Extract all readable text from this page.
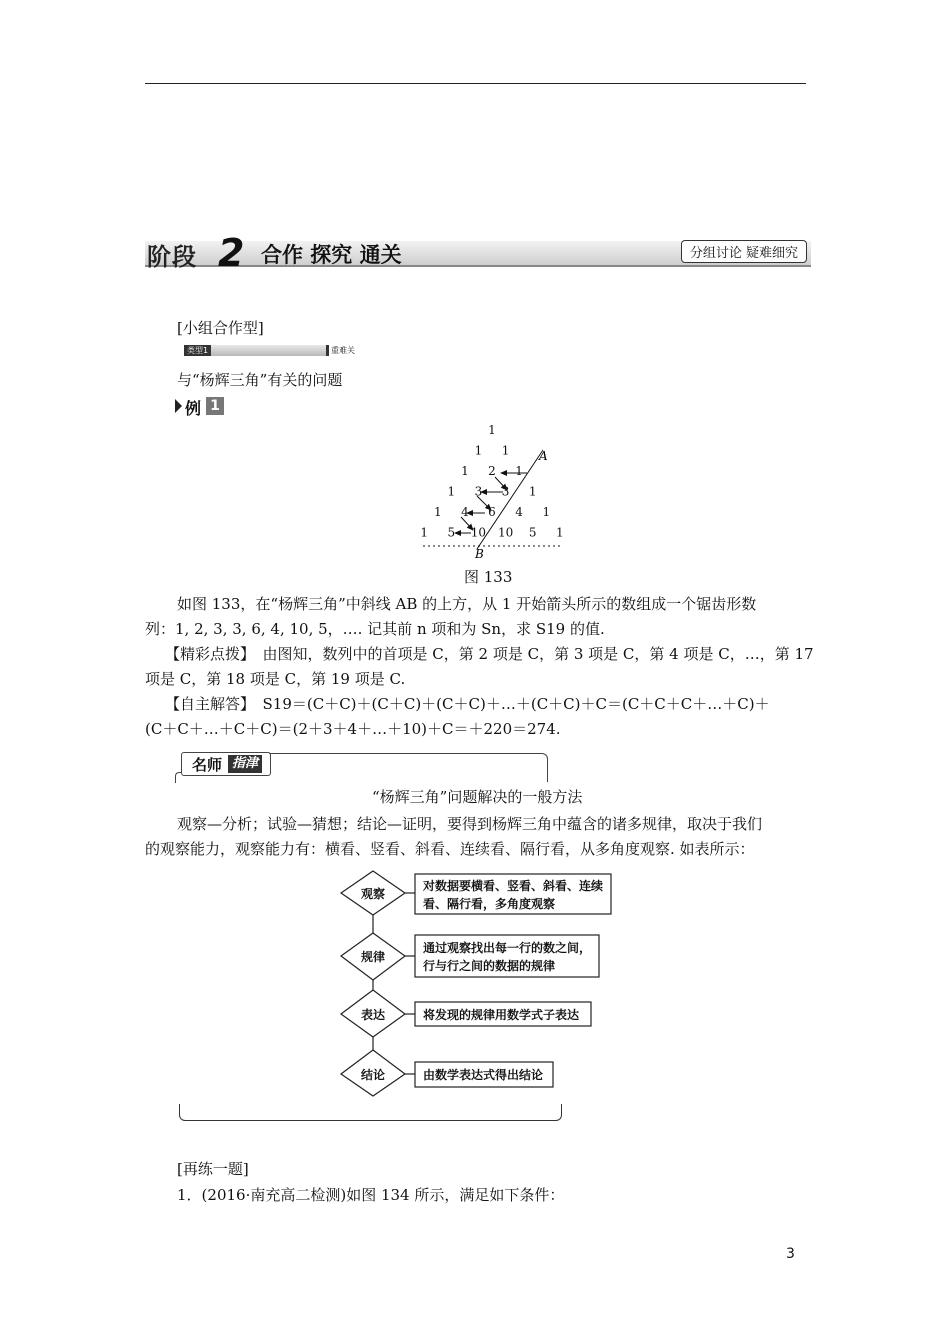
阶段 2 合作 探究 通关	分组讨论 疑难细究
[小组合作型]
类型1	重难关
与“杨辉三角”有关的问题
例 1
1
1 1
1 2 1
1 3 3 1
1 4 6 4 1
1 5 10 10 5 1
A
B
图 133
如图 133，在“杨辉三角”中斜线 AB 的上方，从 1 开始箭头所示的数组成一个锯齿形数
列：1, 2, 3, 3, 6, 4, 10, 5，…. 记其前 n 项和为 Sn，求 S19 的值.
【精彩点拨】　由图知，数列中的首项是 C，第 2 项是 C，第 3 项是 C，第 4 项是 C，…，第 17
项是 C，第 18 项是 C，第 19 项是 C.
【自主解答】　S19＝(C＋C)＋(C＋C)＋(C＋C)＋…＋(C＋C)＋C＝(C＋C＋C＋…＋C)＋
(C＋C＋…＋C＋C)＝(2＋3＋4＋…＋10)＋C＝＋220＝274.
名师 指津
“杨辉三角”问题解决的一般方法
观察—分析；试验—猜想；结论—证明，要得到杨辉三角中蕴含的诸多规律，取决于我们
的观察能力，观察能力有：横看、竖看、斜看、连续看、隔行看，从多角度观察. 如表所示：
观察
规律
表达
结论
对数据要横看、竖看、斜看、连续
看、隔行看，多角度观察
通过观察找出每一行的数之间，
行与行之间的数据的规律
将发现的规律用数学式子表达
由数学表达式得出结论
[再练一题]
1．(2016·南充高二检测)如图 134 所示，满足如下条件：
3
